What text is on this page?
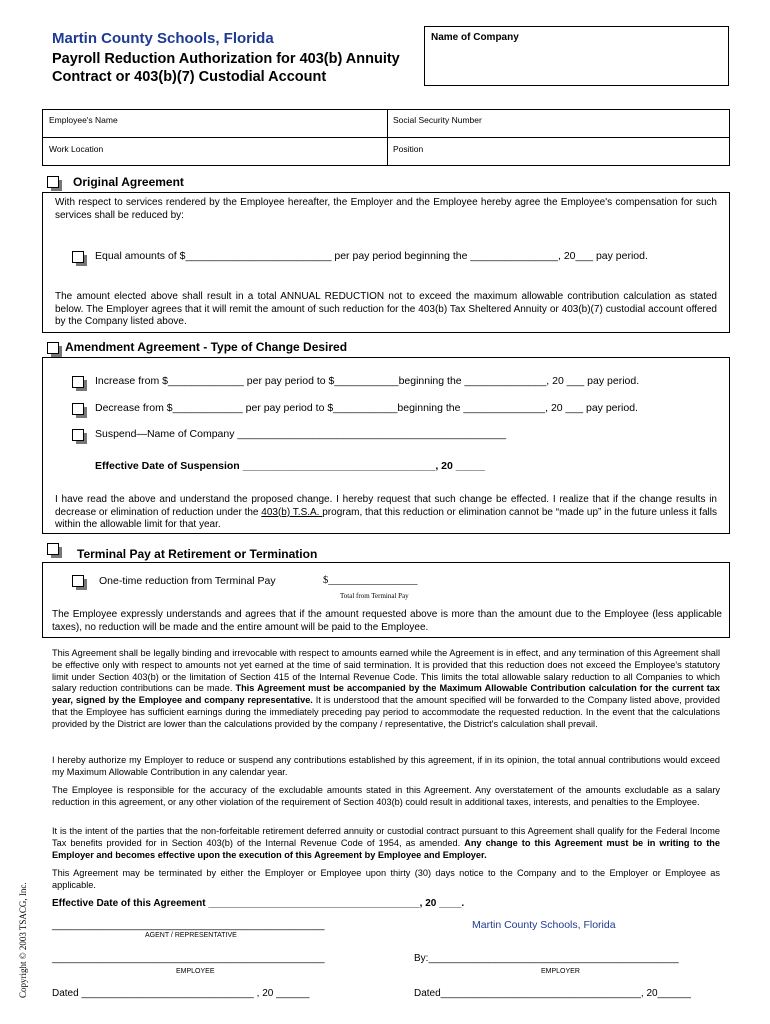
Martin County Schools, Florida
Payroll Reduction Authorization for 403(b) Annuity
Contract or 403(b)(7) Custodial Account
Name of Company
Employee's Name	Social Security Number
Work Location	Position
Original Agreement
With respect to services rendered by the Employee hereafter, the Employer and the Employee hereby agree the Employee's compensation for such services shall be reduced by:
Equal amounts of $_________________________ per pay period beginning the _______________, 20___ pay period.
The amount elected above shall result in a total ANNUAL REDUCTION not to exceed the maximum allowable contribution calculation as stated below. The Employer agrees that it will remit the amount of such reduction for the 403(b) Tax Sheltered Annuity or 403(b)(7) custodial account offered by the Company listed above.
Amendment Agreement - Type of Change Desired
Increase from $_____________ per pay period to $___________beginning the ______________, 20 ___ pay period.
Decrease from $____________ per pay period to $___________beginning the ______________, 20 ___ pay period.
Suspend—Name of Company ______________________________________________
Effective Date of Suspension _________________________________, 20 _____
I have read the above and understand the proposed change. I hereby request that such change be effected. I realize that if the change results in decrease or elimination of reduction under the 403(b) T.S.A. program, that this reduction or elimination cannot be “made up” in the future unless it falls within the allowable limit for that year.
Terminal Pay at Retirement or Termination
One-time reduction from Terminal Pay	$_________________
Total from Terminal Pay
The Employee expressly understands and agrees that if the amount requested above is more than the amount due to the Employee (less applicable taxes), no reduction will be made and the entire amount will be paid to the Employee.
This Agreement shall be legally binding and irrevocable with respect to amounts earned while the Agreement is in effect, and any termination of this Agreement shall be effective only with respect to amounts not yet earned at the time of said termination. It is provided that this reduction does not exceed the Employee's statutory limit under Section 403(b) or the limitation of Section 415 of the Internal Revenue Code. This limits the total allowable salary reduction to all Companies to which salary reduction contributions can be made. This Agreement must be accompanied by the Maximum Allowable Contribution calculation for the current tax year, signed by the Employee and company representative. It is understood that the amount specified will be forwarded to the Company listed above, provided that the Employee has sufficient earnings during the immediately preceding pay period to accommodate the requested reduction. In the event that the calculations provided by the District are lower than the calculations provided by the company / representative, the District's calculation shall prevail.
I hereby authorize my Employer to reduce or suspend any contributions established by this agreement, if in its opinion, the total annual contributions would exceed my Maximum Allowable Contribution in any calendar year.
The Employee is responsible for the accuracy of the excludable amounts stated in this Agreement. Any overstatement of the amounts excludable as a salary reduction in this agreement, or any other violation of the requirement of Section 403(b) could result in additional taxes, interests, and penalties to the Employee.
It is the intent of the parties that the non-forfeitable retirement deferred annuity or custodial contract pursuant to this Agreement shall qualify for the Federal Income Tax benefits provided for in Section 403(b) of the Internal Revenue Code of 1954, as amended. Any change to this Agreement must be in writing to the Employer and becomes effective upon the execution of this Agreement by Employee and Employer.
This Agreement may be terminated by either the Employer or Employee upon thirty (30) days notice to the Company and to the Employer or Employee as applicable.
Effective Date of this Agreement ______________________________________, 20 ____.
_________________________________________________
AGENT / REPRESENTATIVE
Martin County Schools, Florida
_________________________________________________
EMPLOYEE
By:_____________________________________________
EMPLOYER
Dated _______________________________ , 20 ______	Dated____________________________________, 20______
Copyright © 2003 TSACG, Inc.
